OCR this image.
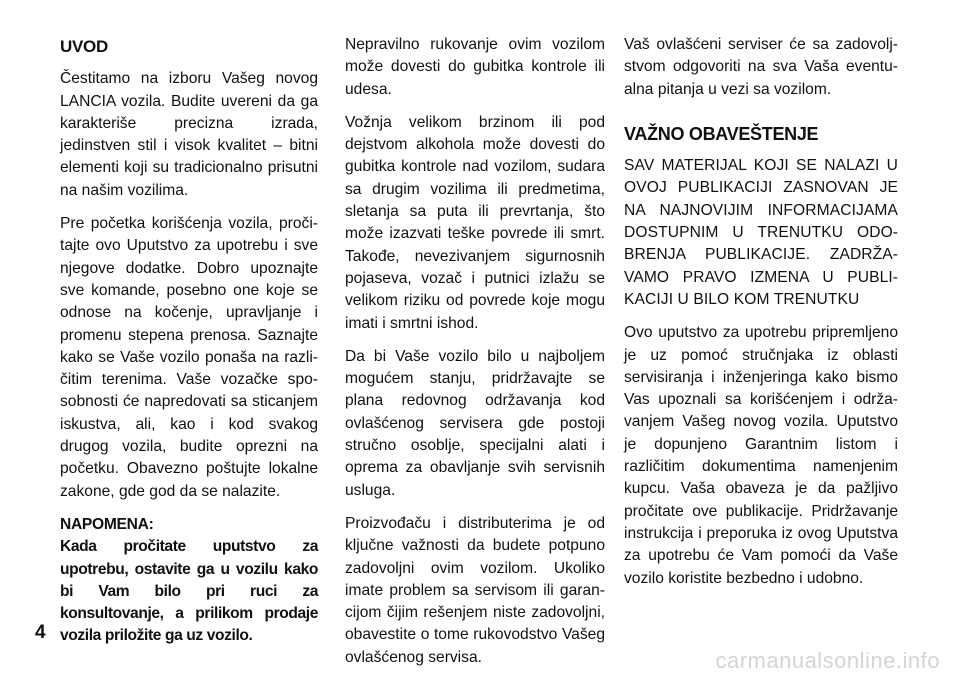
UVOD

Čestitamo na izboru Vašeg novog LANCIA vozila. Budite uvereni da ga karakteriše precizna izrada, jedinstven stil i visok kvalitet – bitni elementi koji su tradicionalno prisutni na našim vozilima.

Pre početka korišćenja vozila, pročitajte ovo Uputstvo za upotrebu i sve njegove dodatke. Dobro upoznajte sve komande, posebno one koje se odnose na kočenje, upravljanje i promenu stepena prenosa. Saznajte kako se Vaše vozilo ponaša na različitim terenima. Vaše vozačke sposobnosti će napredovati sa sticanjem iskustva, ali, kao i kod svakog drugog vozila, budite oprezni na početku. Obavezno poštujte lokalne zakone, gde god da se nalazite.

NAPOMENA:
Kada pročitate uputstvo za upotrebu, ostavite ga u vozilu kako bi Vam bilo pri ruci za konsultovanje, a prilikom prodaje vozila priložite ga uz vozilo.

Nepravilno rukovanje ovim vozilom može dovesti do gubitka kontrole ili udesa.

Vožnja velikom brzinom ili pod dejstvom alkohola može dovesti do gubitka kontrole nad vozilom, sudara sa drugim vozilima ili predmetima, sletanja sa puta ili prevrtanja, što može izazvati teške povrede ili smrt. Takođe, nevezivanjem sigurnosnih pojaseva, vozač i putnici izlažu se velikom riziku od povrede koje mogu imati i smrtni ishod.

Da bi Vaše vozilo bilo u najboljem mogućem stanju, pridržavajte se plana redovnog održavanja kod ovlašćenog servisera gde postoji stručno osoblje, specijalni alati i oprema za obavljanje svih servisnih usluga.

Proizvođaču i distributerima je od ključne važnosti da budete potpuno zadovoljni ovim vozilom. Ukoliko imate problem sa servisom ili garancijom čijim rešenjem niste zadovoljni, obavestite o tome rukovodstvo Vašeg ovlašćenog servisa.

Vaš ovlašćeni serviser će sa zadovoljstvom odgovoriti na sva Vaša eventualna pitanja u vezi sa vozilom.

VAŽNO OBAVEŠTENJE

SAV MATERIJAL KOJI SE NALAZI U OVOJ PUBLIKACIJI ZASNOVAN JE NA NAJNOVIJIM INFORMACIJAMA DOSTUPNIM U TRENUTKU ODOBRENJA PUBLIKACIJE. ZADRŽAVAMO PRAVO IZMENA U PUBLIKACIJI U BILO KOM TRENUTKU

Ovo uputstvo za upotrebu pripremljeno je uz pomoć stručnjaka iz oblasti servisiranja i inženjeringa kako bismo Vas upoznali sa korišćenjem i održavanjem Vašeg novog vozila. Uputstvo je dopunjeno Garantnim listom i različitim dokumentima namenjenim kupcu. Vaša obaveza je da pažljivo pročitate ove publikacije. Pridržavanje instrukcija i preporuka iz ovog Uputstva za upotrebu će Vam pomoći da Vaše vozilo koristite bezbedno i udobno.

4
carmanualsonline.info
